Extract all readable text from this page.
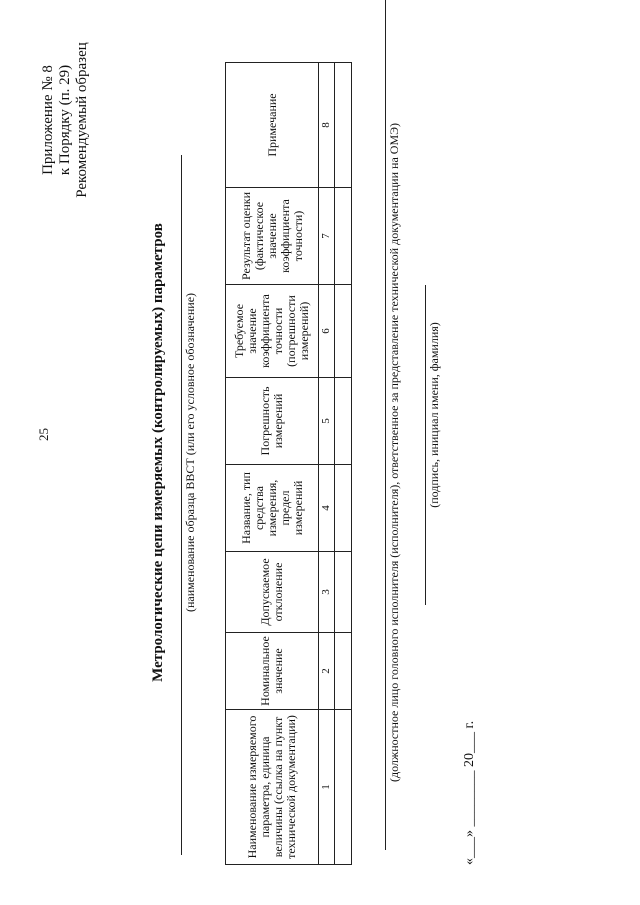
25
Приложение № 8 к Порядку (п. 29) Рекомендуемый образец
Метрологические цепи измеряемых (контролируемых) параметров (наименование образца ВВСТ (или его условное обозначение)
Наименование измеряемого параметра, единица величины (ссылка на пункт технической документации)	Номинальное значение	Допускаемое отклонение	Название, тип средства измерения, предел измерений	Погрешность измерений	Требуемое значение коэффициента точности (погрешности измерений)	Результат оценки (фактическое значение коэффициента точности)	Примечание
1	2	3	4	5	6	7	8
								(должностное лицо головного исполнителя (исполнителя), ответственное за представление технической документации на ОМЭ) (подпись, инициал имени, фамилия)
«___» ________ 20___ г.
